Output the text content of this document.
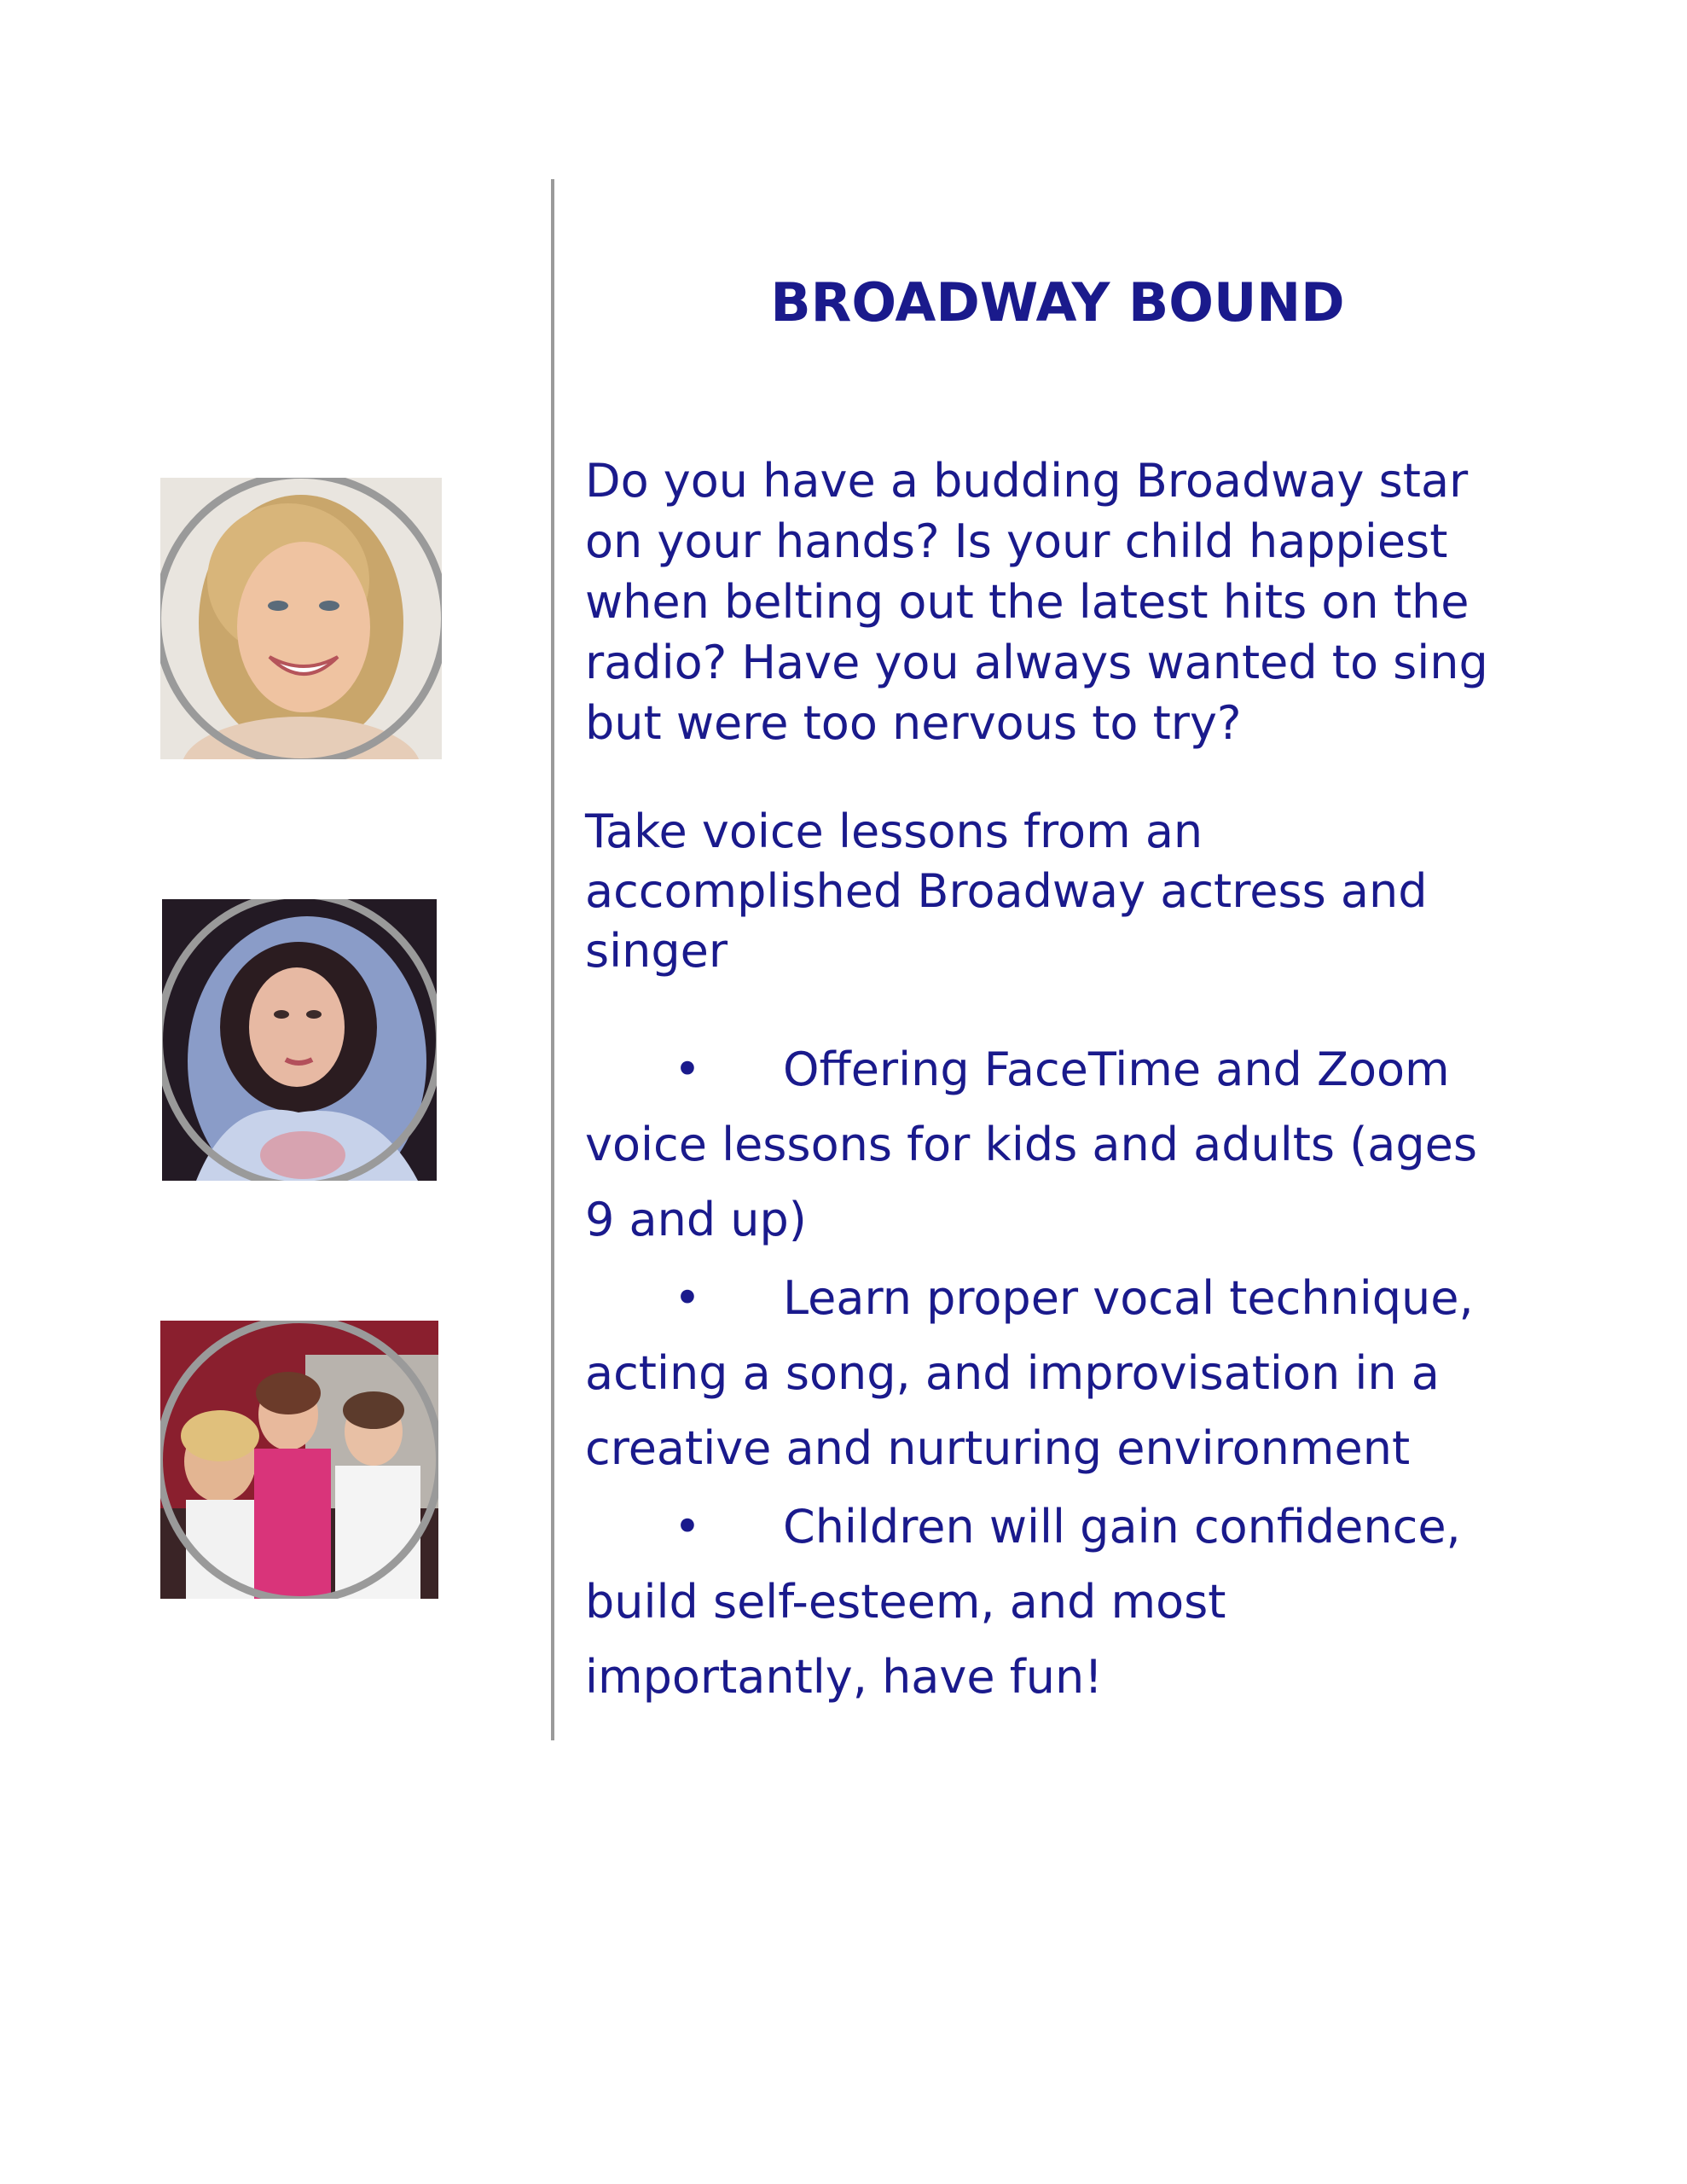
BROADWAY BOUND

Do you have a budding Broadway star on your hands? Is your child happiest when belting out the latest hits on the radio? Have you always wanted to sing but were too nervous to try?

Take voice lessons from an accomplished Broadway actress and singer

• Offering FaceTime and Zoom voice lessons for kids and adults (ages 9 and up)
• Learn proper vocal technique, acting a song, and improvisation in a creative and nurturing environment
• Children will gain confidence, build self-esteem, and most importantly, have fun!
